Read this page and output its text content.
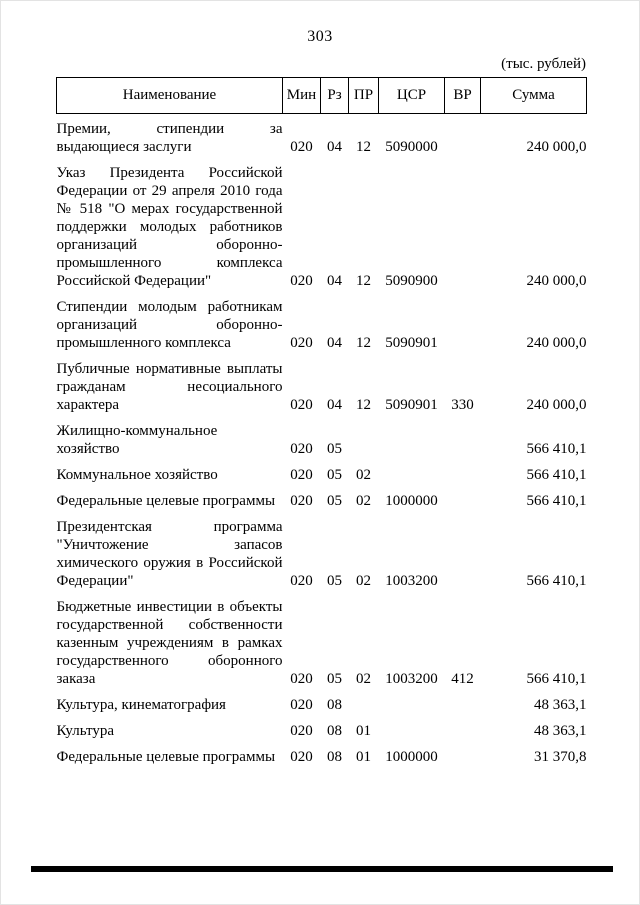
303
(тыс. рублей)
Наименование	Мин	Рз	ПР	ЦСР	ВР	Сумма
Премии, стипендии за выдающиеся заслуги	020	04	12	5090000		240 000,0
Указ Президента Российской Федерации от 29 апреля 2010 года № 518 "О мерах государственной поддержки молодых работников организаций оборонно-промышленного комплекса Российской Федерации"	020	04	12	5090900		240 000,0
Стипендии молодым работникам организаций оборонно-промышленного комплекса	020	04	12	5090901		240 000,0
Публичные нормативные выплаты гражданам несоциального характера	020	04	12	5090901	330	240 000,0
Жилищно-коммунальное хозяйство	020	05				566 410,1
Коммунальное хозяйство	020	05	02			566 410,1
Федеральные целевые программы	020	05	02	1000000		566 410,1
Президентская программа "Уничтожение запасов химического оружия в Российской Федерации"	020	05	02	1003200		566 410,1
Бюджетные инвестиции в объекты государственной собственности казенным учреждениям в рамках государственного оборонного заказа	020	05	02	1003200	412	566 410,1
Культура, кинематография	020	08				48 363,1
Культура	020	08	01			48 363,1
Федеральные целевые программы	020	08	01	1000000		31 370,8
